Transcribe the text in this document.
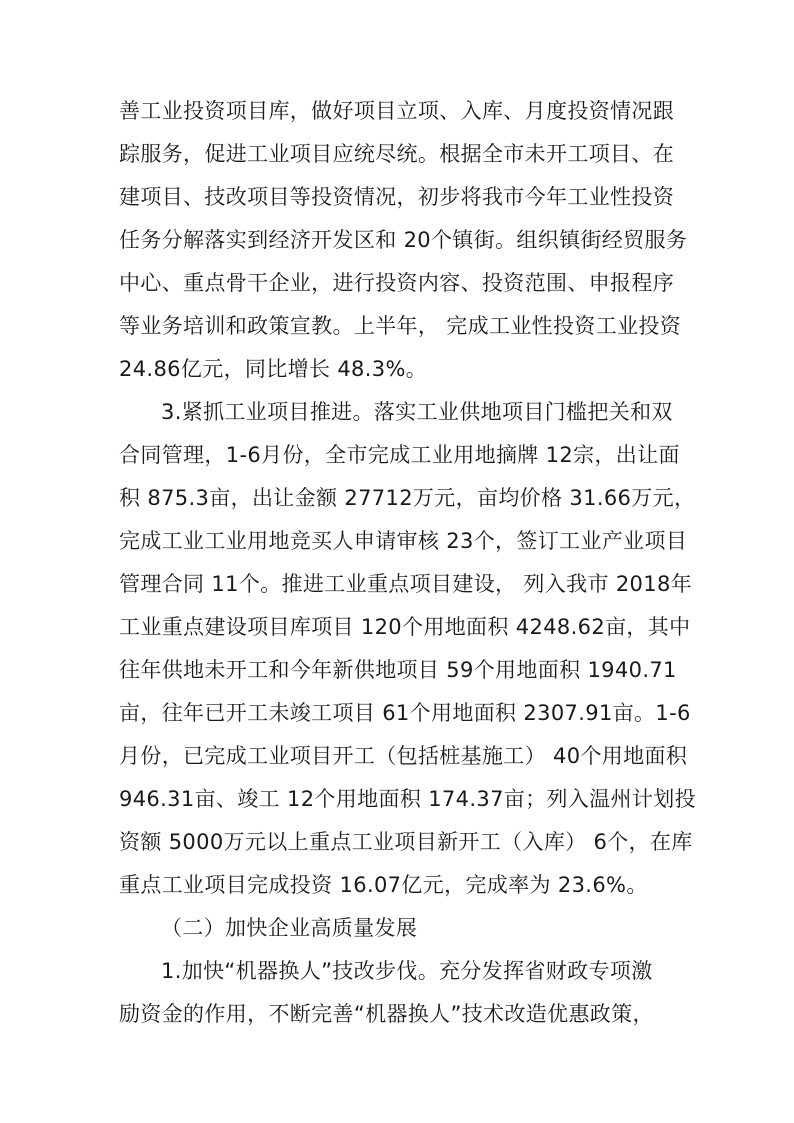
善工业投资项目库，做好项目立项、入库、月度投资情况跟
踪服务，促进工业项目应统尽统。根据全市未开工项目、在
建项目、技改项目等投资情况，初步将我市今年工业性投资
任务分解落实到经济开发区和 20个镇街。组织镇街经贸服务
中心、重点骨干企业，进行投资内容、投资范围、申报程序
等业务培训和政策宣教。上半年， 完成工业性投资工业投资
24.86亿元，同比增长 48.3%。
3.紧抓工业项目推进。落实工业供地项目门槛把关和双
合同管理，1-6月份，全市完成工业用地摘牌 12宗，出让面
积 875.3亩，出让金额 27712万元，亩均价格 31.66万元，
完成工业工业用地竞买人申请审核 23个，签订工业产业项目
管理合同 11个。推进工业重点项目建设， 列入我市 2018年
工业重点建设项目库项目 120个用地面积 4248.62亩，其中
往年供地未开工和今年新供地项目 59个用地面积 1940.71
亩，往年已开工未竣工项目 61个用地面积 2307.91亩。1-6
月份，已完成工业项目开工（包括桩基施工） 40个用地面积
946.31亩、竣工 12个用地面积 174.37亩；列入温州计划投
资额 5000万元以上重点工业项目新开工（入库） 6个，在库
重点工业项目完成投资 16.07亿元，完成率为 23.6%。
（二）加快企业高质量发展
1.加快“机器换人”技改步伐。充分发挥省财政专项激
励资金的作用，不断完善“机器换人”技术改造优惠政策，
